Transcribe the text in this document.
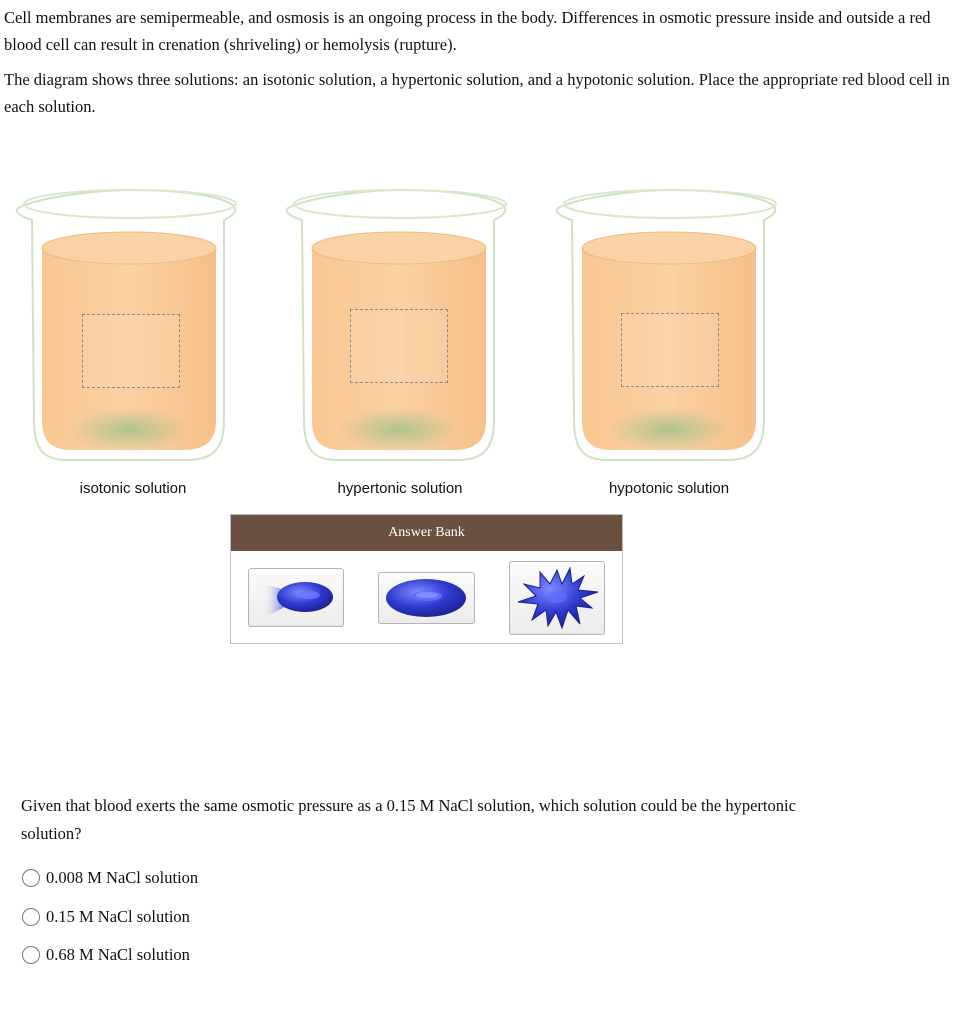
Cell membranes are semipermeable, and osmosis is an ongoing process in the body. Differences in osmotic pressure inside and outside a red blood cell can result in crenation (shriveling) or hemolysis (rupture).

The diagram shows three solutions: an isotonic solution, a hypertonic solution, and a hypotonic solution. Place the appropriate red blood cell in each solution.

isotonic solution	hypertonic solution	hypotonic solution
Answer Bank
Given that blood exerts the same osmotic pressure as a 0.15 M NaCl solution, which solution could be the hypertonic solution?
0.008 M NaCl solution
0.15 M NaCl solution
0.68 M NaCl solution
